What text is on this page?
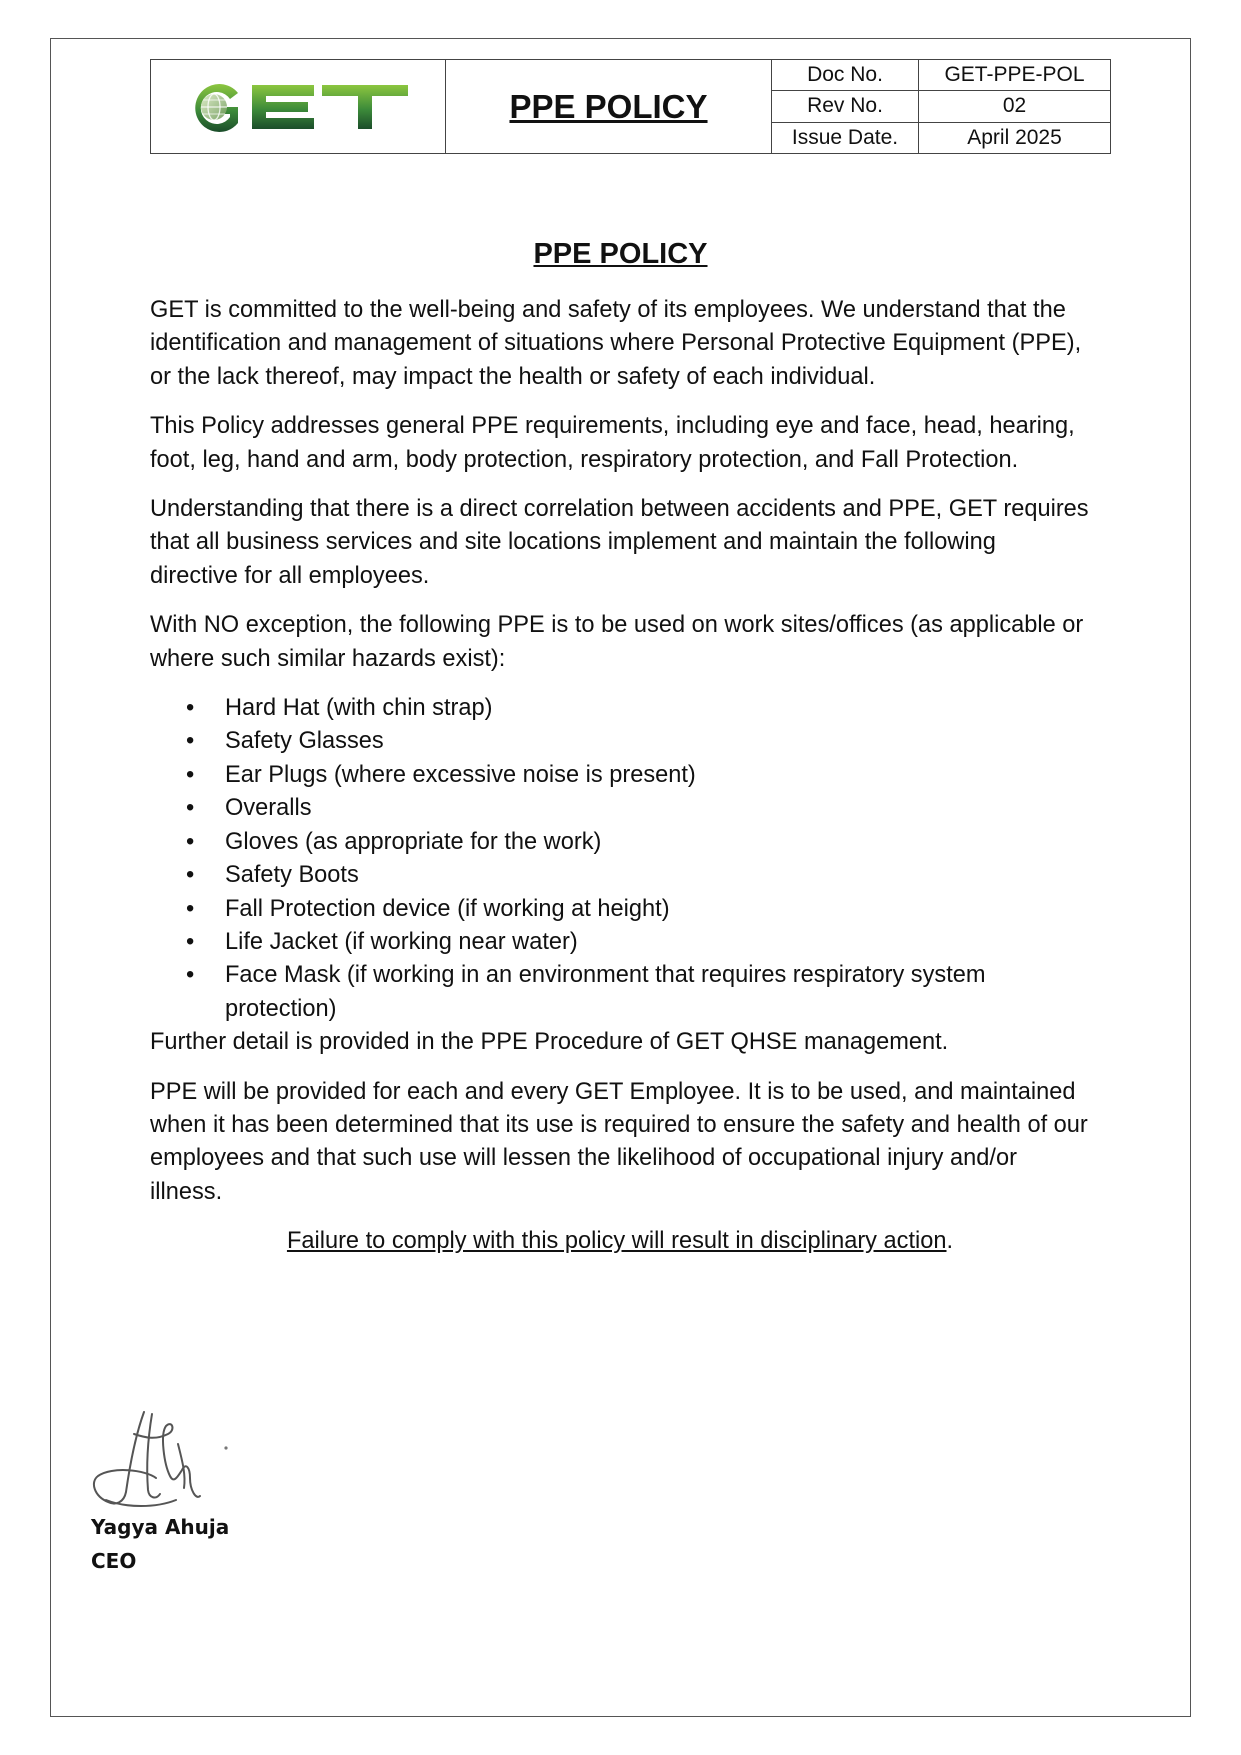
PPE POLICY
Doc No.	GET-PPE-POL
Rev No.	02
Issue Date.	April 2025
PPE POLICY

GET is committed to the well-being and safety of its employees. We understand that the identification and management of situations where Personal Protective Equipment (PPE), or the lack thereof, may impact the health or safety of each individual.

This Policy addresses general PPE requirements, including eye and face, head, hearing, foot, leg, hand and arm, body protection, respiratory protection, and Fall Protection.

Understanding that there is a direct correlation between accidents and PPE, GET requires that all business services and site locations implement and maintain the following directive for all employees.

With NO exception, the following PPE is to be used on work sites/offices (as applicable or where such similar hazards exist):

• Hard Hat (with chin strap)
• Safety Glasses
• Ear Plugs (where excessive noise is present)
• Overalls
• Gloves (as appropriate for the work)
• Safety Boots
• Fall Protection device (if working at height)
• Life Jacket (if working near water)
• Face Mask (if working in an environment that requires respiratory system protection)

Further detail is provided in the PPE Procedure of GET QHSE management.

PPE will be provided for each and every GET Employee. It is to be used, and maintained when it has been determined that its use is required to ensure the safety and health of our employees and that such use will lessen the likelihood of occupational injury and/or illness.

Failure to comply with this policy will result in disciplinary action.

Yagya Ahuja
CEO
